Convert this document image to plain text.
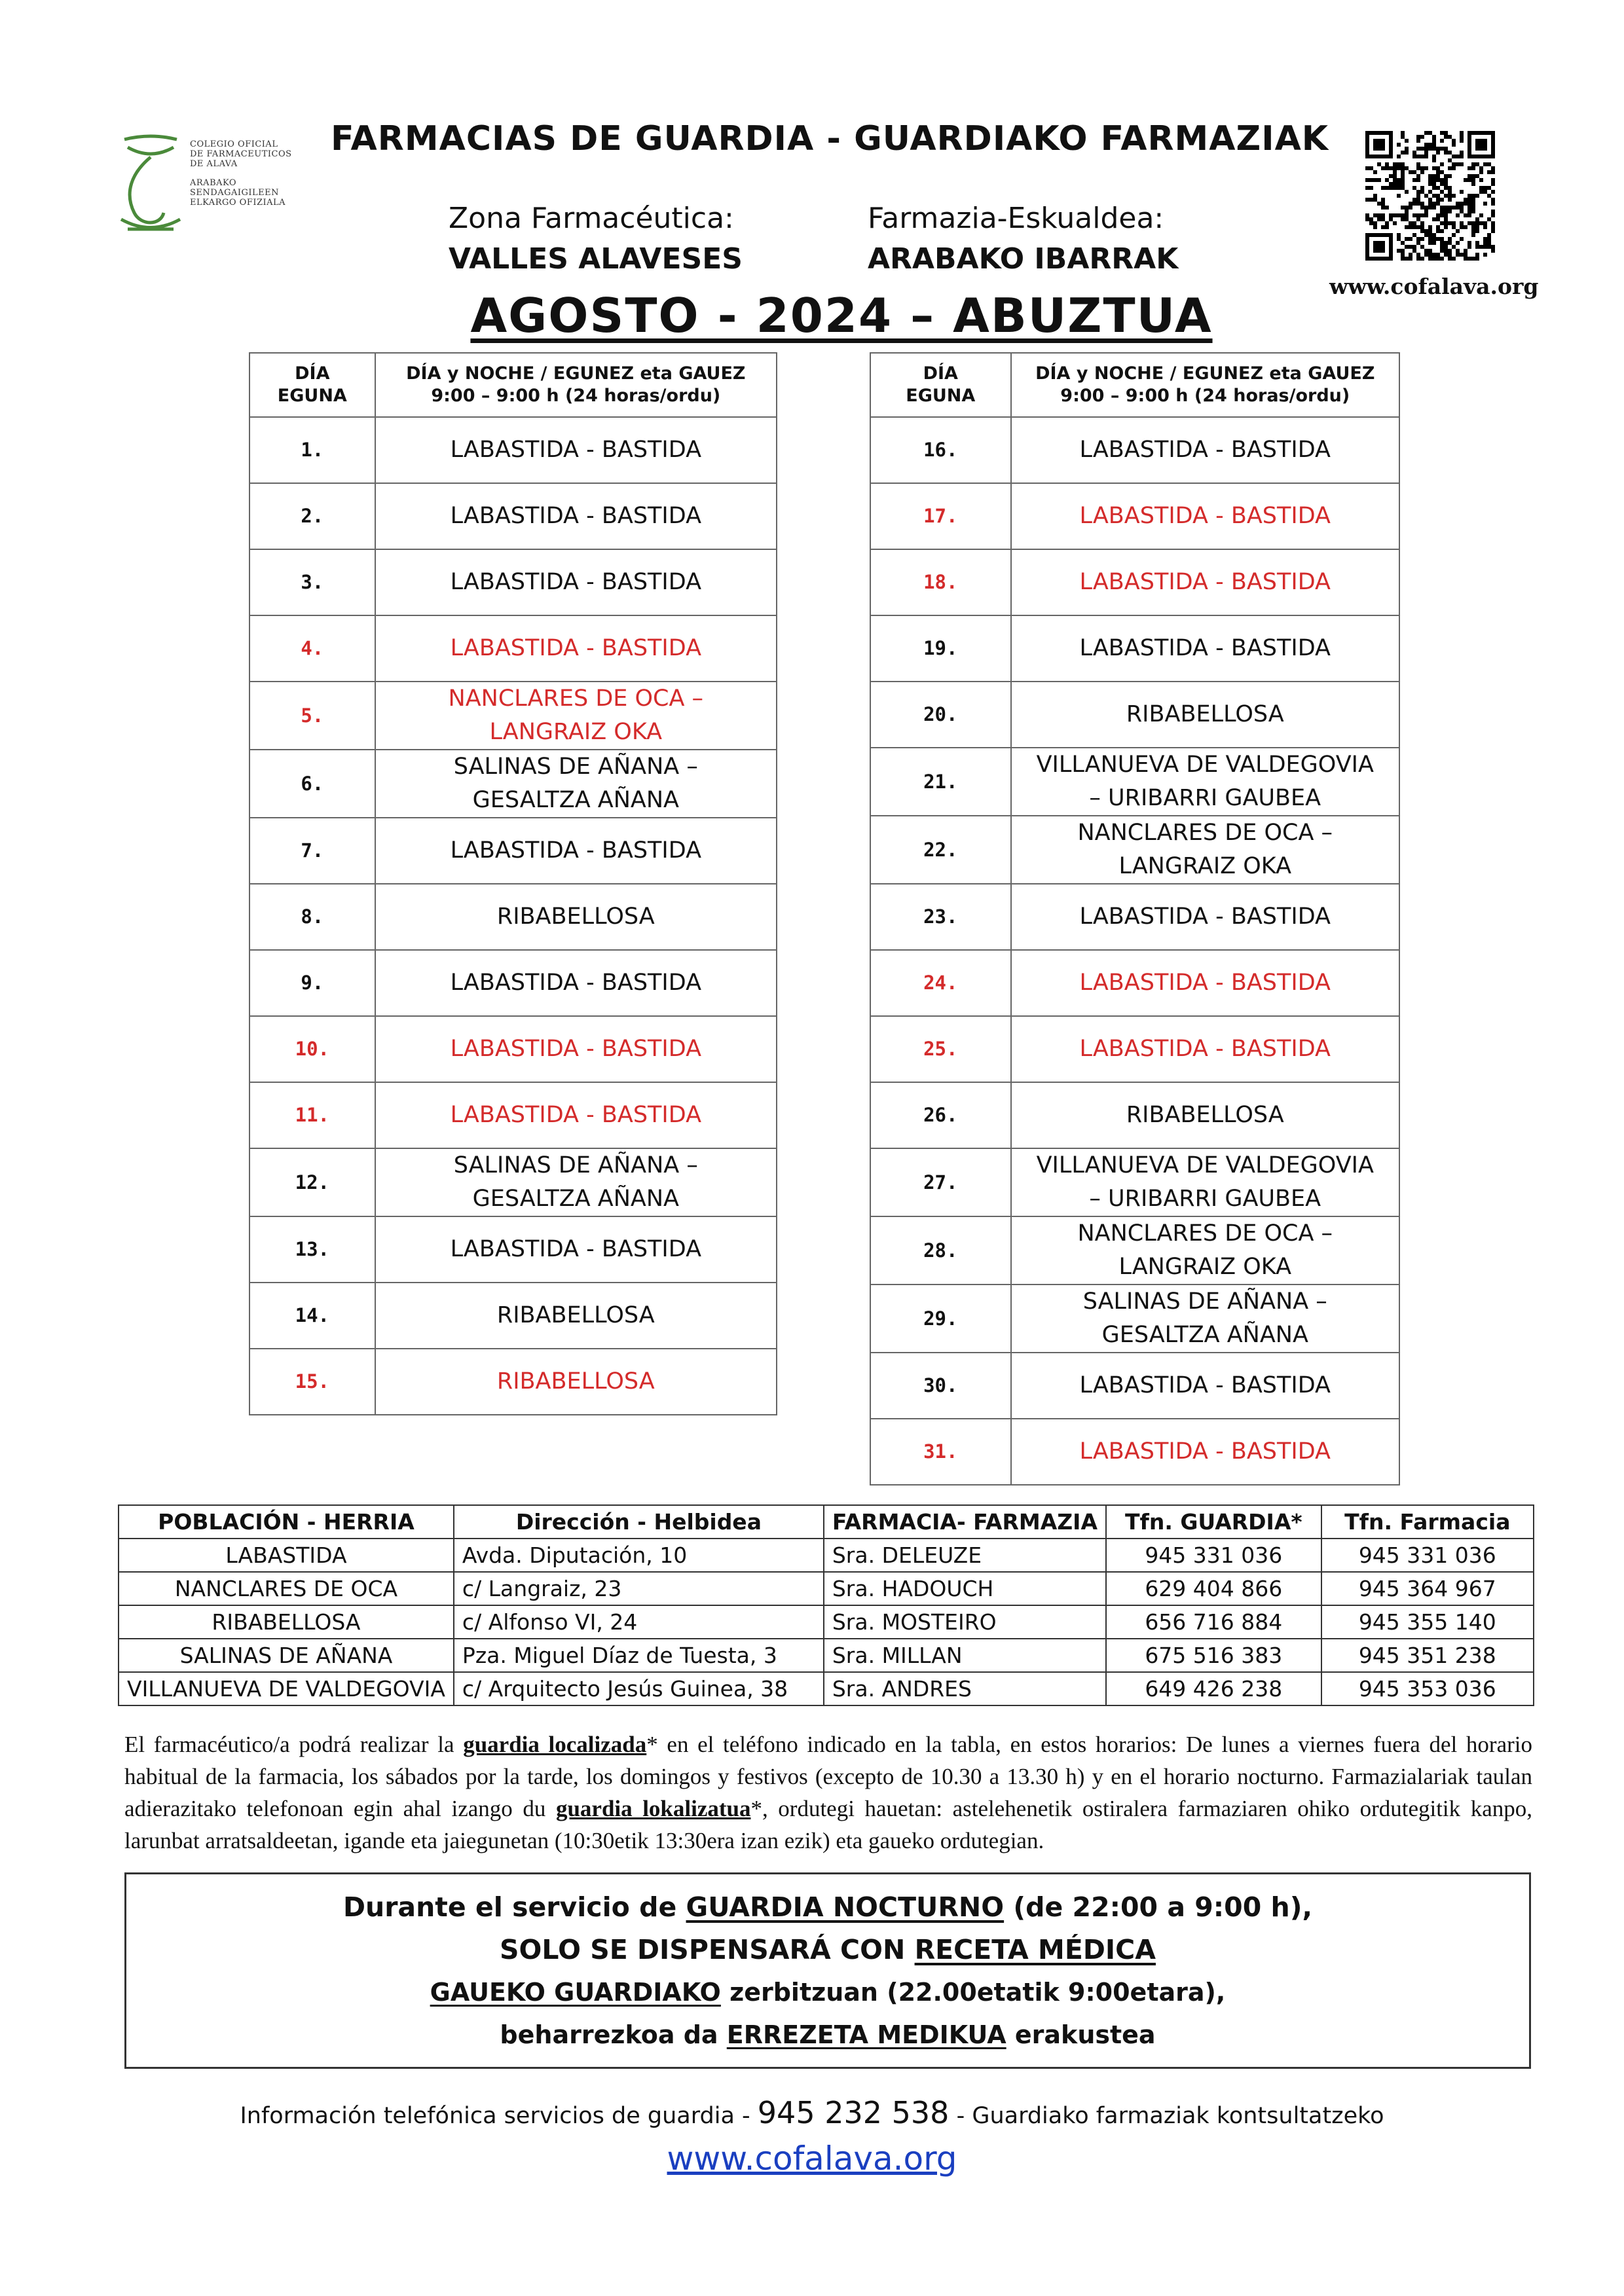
COLEGIO OFICIAL
DE FARMACEUTICOS
DE ALAVA
ARABAKO
SENDAGAIGILEEN
ELKARGO OFIZIALA
FARMACIAS DE GUARDIA - GUARDIAKO FARMAZIAK
www.cofalava.org
Zona Farmacéutica:
VALLES ALAVESES
Farmazia-Eskualdea:
ARABAKO IBARRAK
AGOSTO - 2024 – ABUZTUA
DÍA
EGUNA	DÍA y NOCHE / EGUNEZ eta GAUEZ
9:00 – 9:00 h (24 horas/ordu)
1.	LABASTIDA - BASTIDA
2.	LABASTIDA - BASTIDA
3.	LABASTIDA - BASTIDA
4.	LABASTIDA - BASTIDA
5.	NANCLARES DE OCA –
LANGRAIZ OKA
6.	SALINAS DE AÑANA –
GESALTZA AÑANA
7.	LABASTIDA - BASTIDA
8.	RIBABELLOSA
9.	LABASTIDA - BASTIDA
10.	LABASTIDA - BASTIDA
11.	LABASTIDA - BASTIDA
12.	SALINAS DE AÑANA –
GESALTZA AÑANA
13.	LABASTIDA - BASTIDA
14.	RIBABELLOSA
15.	RIBABELLOSA
DÍA
EGUNA	DÍA y NOCHE / EGUNEZ eta GAUEZ
9:00 – 9:00 h (24 horas/ordu)
16.	LABASTIDA - BASTIDA
17.	LABASTIDA - BASTIDA
18.	LABASTIDA - BASTIDA
19.	LABASTIDA - BASTIDA
20.	RIBABELLOSA
21.	VILLANUEVA DE VALDEGOVIA
– URIBARRI GAUBEA
22.	NANCLARES DE OCA –
LANGRAIZ OKA
23.	LABASTIDA - BASTIDA
24.	LABASTIDA - BASTIDA
25.	LABASTIDA - BASTIDA
26.	RIBABELLOSA
27.	VILLANUEVA DE VALDEGOVIA
– URIBARRI GAUBEA
28.	NANCLARES DE OCA –
LANGRAIZ OKA
29.	SALINAS DE AÑANA –
GESALTZA AÑANA
30.	LABASTIDA - BASTIDA
31.	LABASTIDA - BASTIDA
POBLACIÓN - HERRIA	Dirección - Helbidea	FARMACIA- FARMAZIA	Tfn. GUARDIA*	Tfn. Farmacia
LABASTIDA	Avda. Diputación, 10	Sra. DELEUZE	945 331 036	945 331 036
NANCLARES DE OCA	c/ Langraiz, 23	Sra. HADOUCH	629 404 866	945 364 967
RIBABELLOSA	c/ Alfonso VI, 24	Sra. MOSTEIRO	656 716 884	945 355 140
SALINAS DE AÑANA	Pza. Miguel Díaz de Tuesta, 3	Sra. MILLAN	675 516 383	945 351 238
VILLANUEVA DE VALDEGOVIA	c/ Arquitecto Jesús Guinea, 38	Sra. ANDRES	649 426 238	945 353 036
El farmacéutico/a podrá realizar la guardia localizada* en el teléfono indicado en la tabla, en estos horarios: De lunes a viernes fuera del horario habitual de la farmacia, los sábados por la tarde, los domingos y festivos (excepto de 10.30 a 13.30 h) y en el horario nocturno. Farmazialariak taulan adierazitako telefonoan egin ahal izango du guardia lokalizatua*, ordutegi hauetan: astelehenetik ostiralera farmaziaren ohiko ordutegitik kanpo, larunbat arratsaldeetan, igande eta jaiegunetan (10:30etik 13:30era izan ezik) eta gaueko ordutegian.
Durante el servicio de GUARDIA NOCTURNO (de 22:00 a 9:00 h),
SOLO SE DISPENSARÁ CON RECETA MÉDICA
GAUEKO GUARDIAKO zerbitzuan (22.00etatik 9:00etara),
beharrezkoa da ERREZETA MEDIKUA erakustea
Información telefónica servicios de guardia - 945 232 538 - Guardiako farmaziak kontsultatzeko
www.cofalava.org
